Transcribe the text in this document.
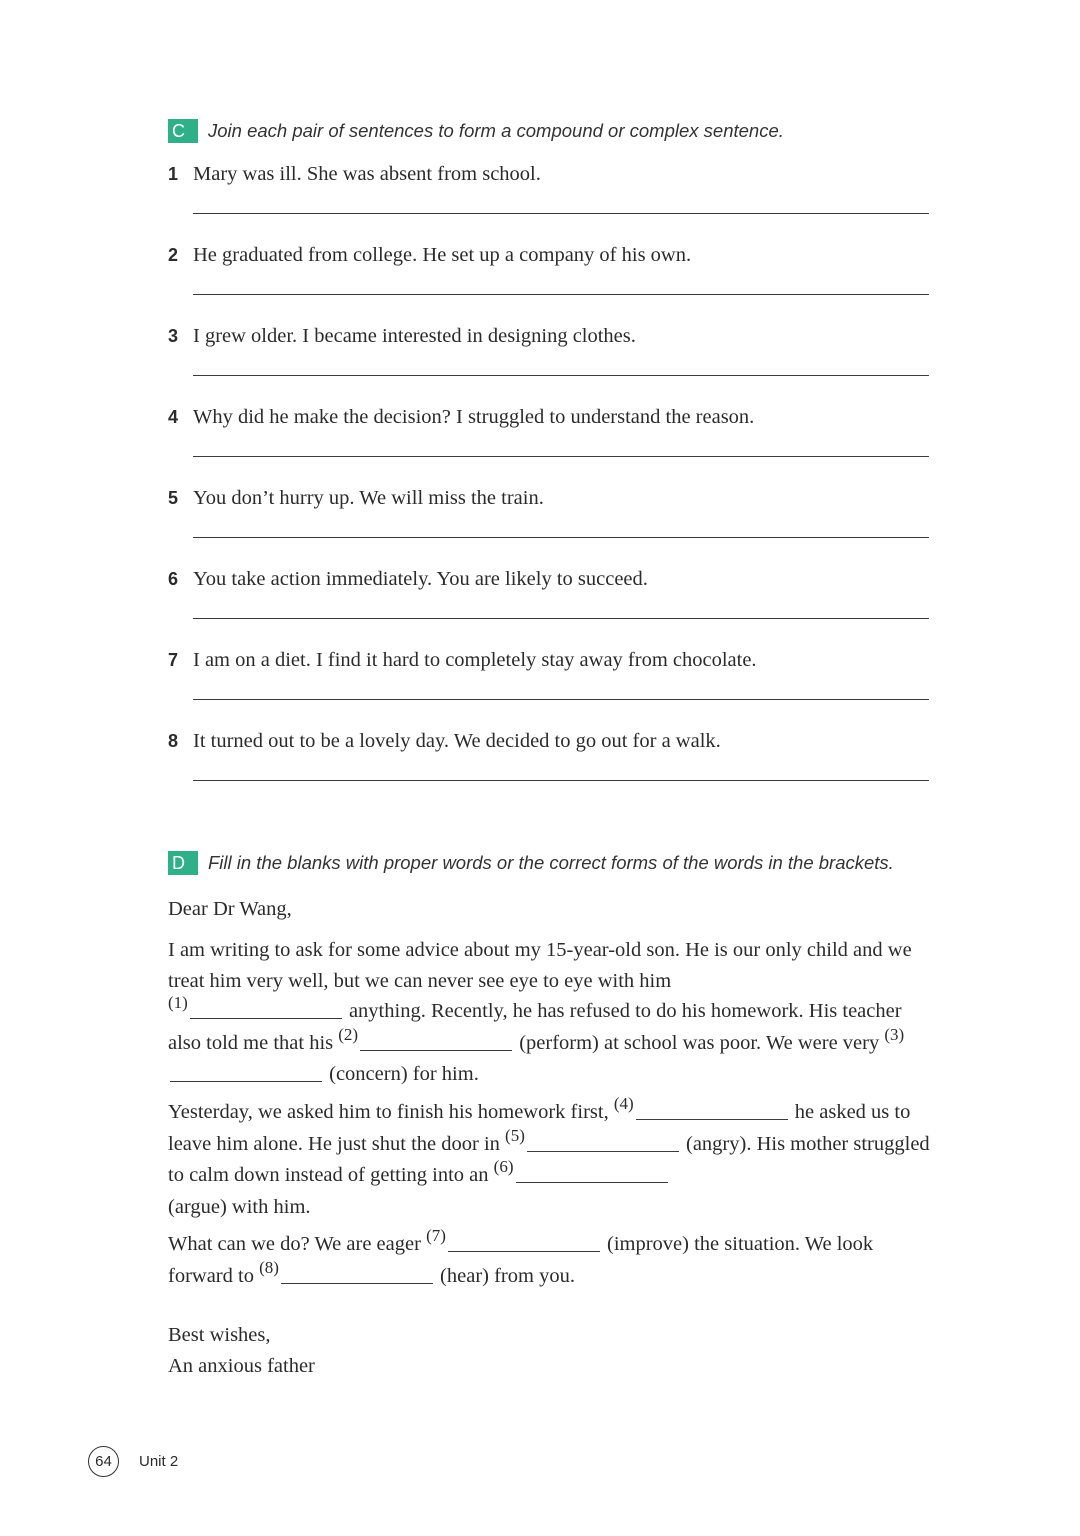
C	Join each pair of sentences to form a compound or complex sentence.
1 Mary was ill. She was absent from school.
2 He graduated from college. He set up a company of his own.
3 I grew older. I became interested in designing clothes.
4 Why did he make the decision? I struggled to understand the reason.
5 You don’t hurry up. We will miss the train.
6 You take action immediately. You are likely to succeed.
7 I am on a diet. I find it hard to completely stay away from chocolate.
8 It turned out to be a lovely day. We decided to go out for a walk.
D	Fill in the blanks with proper words or the correct forms of the words in the brackets.

Dear Dr Wang,

I am writing to ask for some advice about my 15-year-old son. He is our only child and we treat him very well, but we can never see eye to eye with him
$^{(1)}$	anything. Recently, he has refused to do his homework. His teacher also told me that his $^{(2)}$	(perform) at school was poor. We were very $^{(3)}$ (concern) for him.

Yesterday, we asked him to finish his homework first, $^{(4)}$	he asked us to leave him alone. He just shut the door in $^{(5)}$	(angry). His mother struggled to calm down instead of getting into an $^{(6)}$
(argue) with him.

What can we do? We are eager $^{(7)}$	(improve) the situation. We look forward to $^{(8)}$	(hear) from you.

Best wishes,

An anxious father

64	Unit 2
